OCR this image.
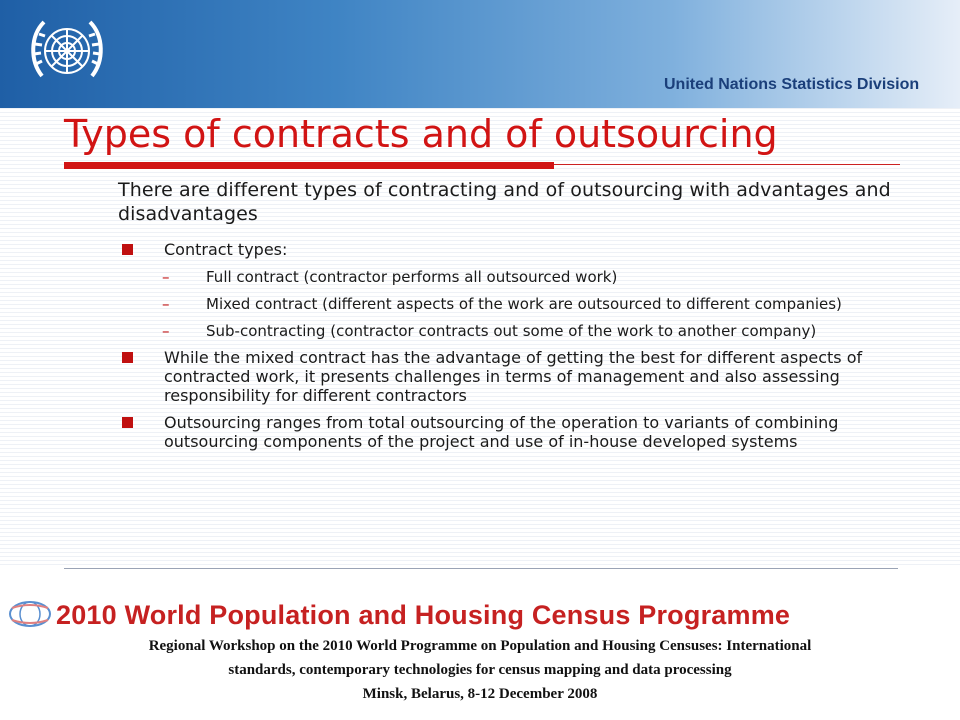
United Nations Statistics Division
Types of contracts and of outsourcing
There are different types of contracting and of outsourcing with advantages and disadvantages
Contract types:
– Full contract (contractor performs all outsourced work)
– Mixed contract (different aspects of the work are outsourced to different companies)
– Sub-contracting (contractor contracts out some of the work to another company)
While the mixed contract has the advantage of getting the best for different aspects of contracted work, it presents challenges in terms of management and also assessing responsibility for different contractors
Outsourcing ranges from total outsourcing of the operation to variants of combining outsourcing components of the project and use of in-house developed systems
2010 World Population and Housing Census Programme
Regional Workshop on the 2010 World Programme on Population and Housing Censuses: International
standards, contemporary technologies for census mapping and data processing
Minsk, Belarus, 8-12 December 2008
